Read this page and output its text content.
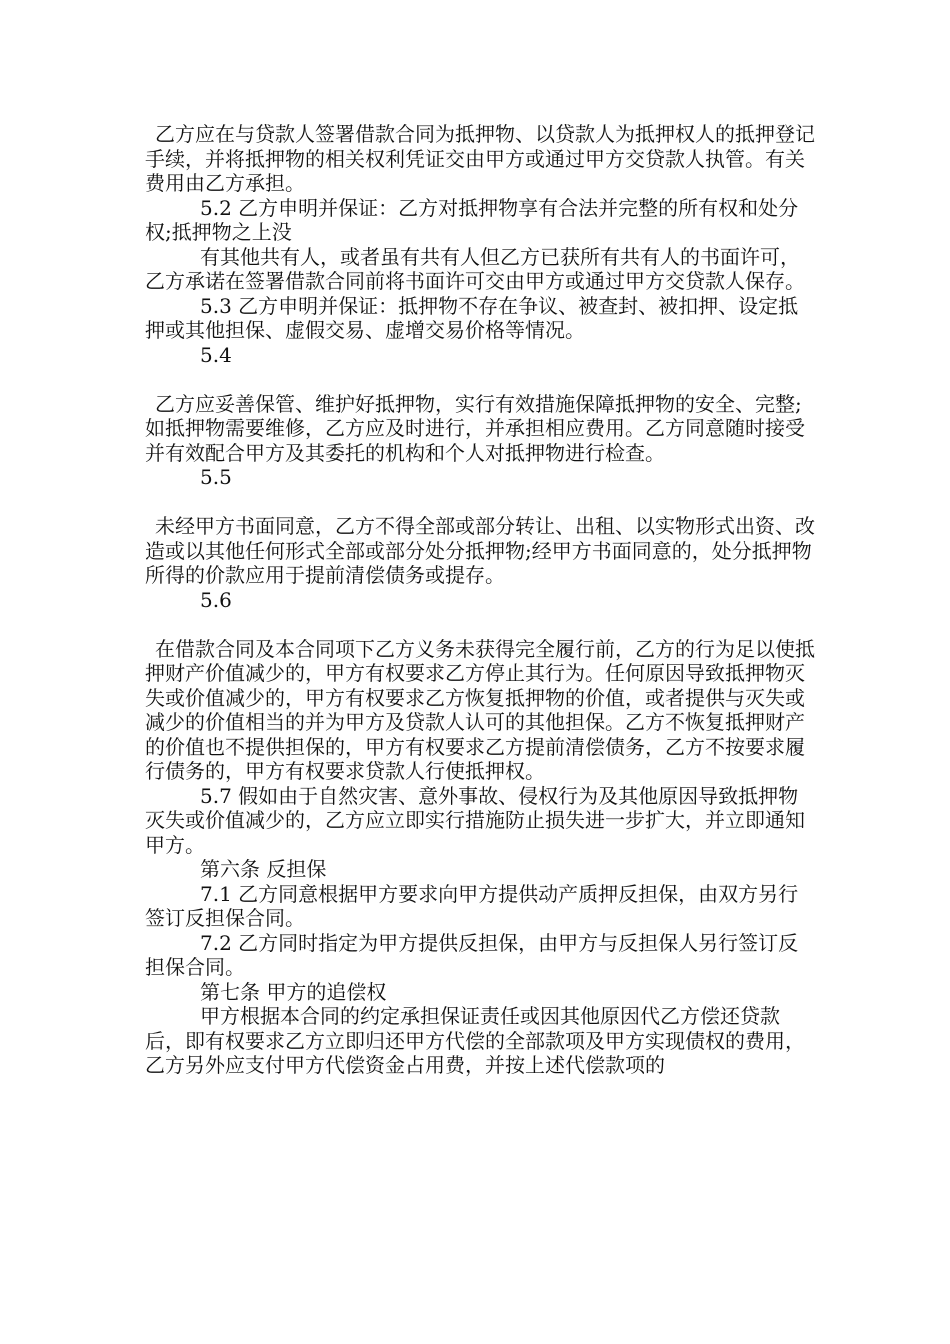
乙方应在与贷款人签署借款合同为抵押物、以贷款人为抵押权人的抵押登记手续，并将抵押物的相关权利凭证交由甲方或通过甲方交贷款人执管。有关费用由乙方承担。

5.2 乙方申明并保证：乙方对抵押物享有合法并完整的所有权和处分权;抵押物之上没

有其他共有人，或者虽有共有人但乙方已获所有共有人的书面许可，乙方承诺在签署借款合同前将书面许可交由甲方或通过甲方交贷款人保存。

5.3 乙方申明并保证：抵押物不存在争议、被查封、被扣押、设定抵押或其他担保、虚假交易、虚增交易价格等情况。

5.4

乙方应妥善保管、维护好抵押物，实行有效措施保障抵押物的安全、完整;如抵押物需要维修，乙方应及时进行，并承担相应费用。乙方同意随时接受并有效配合甲方及其委托的机构和个人对抵押物进行检查。

5.5

未经甲方书面同意，乙方不得全部或部分转让、出租、以实物形式出资、改造或以其他任何形式全部或部分处分抵押物;经甲方书面同意的，处分抵押物所得的价款应用于提前清偿债务或提存。

5.6

在借款合同及本合同项下乙方义务未获得完全履行前，乙方的行为足以使抵押财产价值减少的，甲方有权要求乙方停止其行为。任何原因导致抵押物灭失或价值减少的，甲方有权要求乙方恢复抵押物的价值，或者提供与灭失或减少的价值相当的并为甲方及贷款人认可的其他担保。乙方不恢复抵押财产的价值也不提供担保的，甲方有权要求乙方提前清偿债务，乙方不按要求履行债务的，甲方有权要求贷款人行使抵押权。

5.7 假如由于自然灾害、意外事故、侵权行为及其他原因导致抵押物灭失或价值减少的，乙方应立即实行措施防止损失进一步扩大，并立即通知甲方。

第六条 反担保

7.1 乙方同意根据甲方要求向甲方提供动产质押反担保，由双方另行签订反担保合同。

7.2 乙方同时指定为甲方提供反担保，由甲方与反担保人另行签订反担保合同。

第七条 甲方的追偿权

甲方根据本合同的约定承担保证责任或因其他原因代乙方偿还贷款后，即有权要求乙方立即归还甲方代偿的全部款项及甲方实现债权的费用，乙方另外应支付甲方代偿资金占用费，并按上述代偿款项的
